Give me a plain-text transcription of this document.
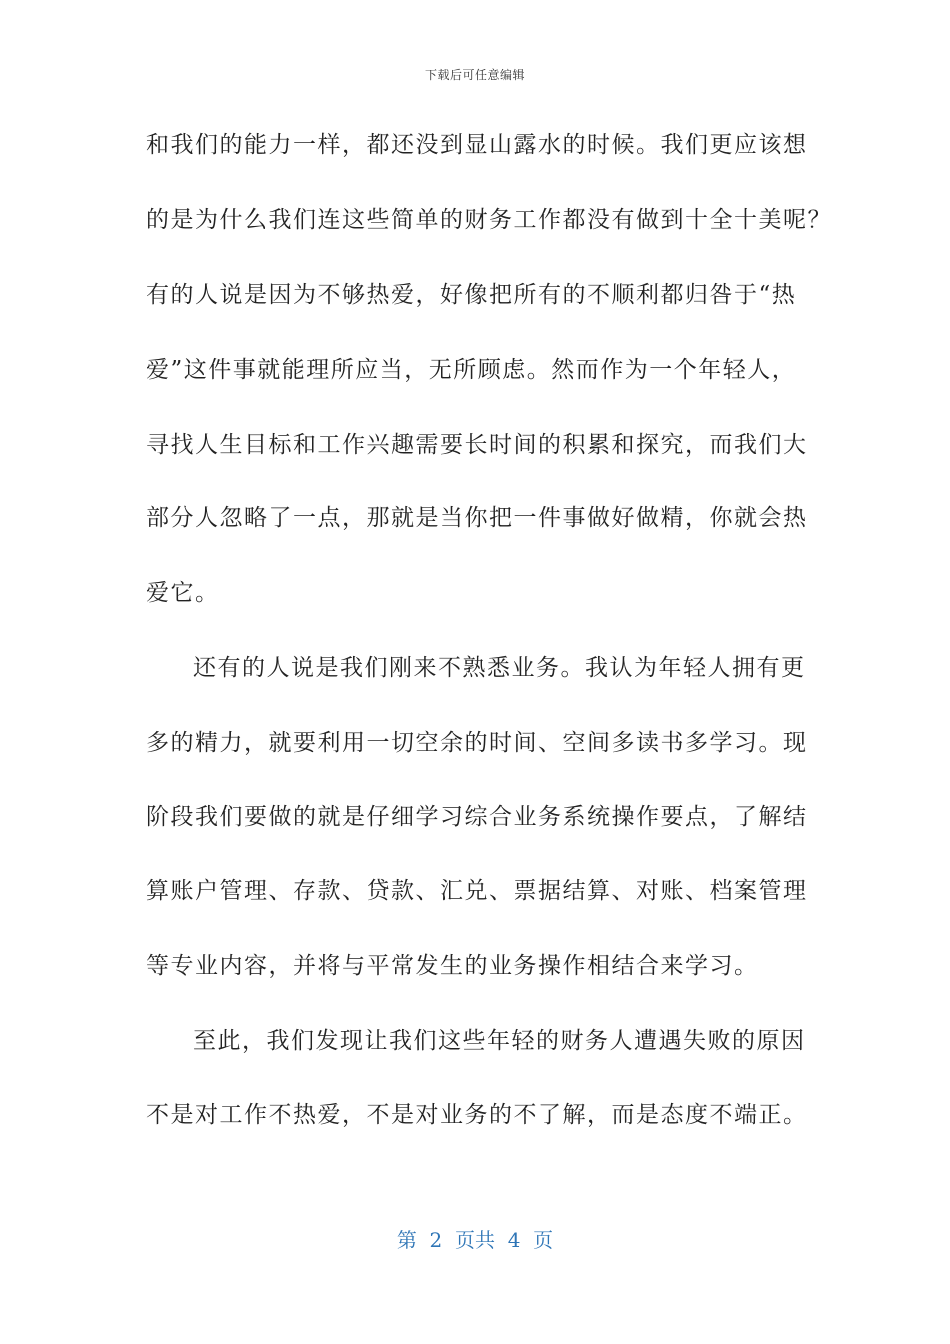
下载后可任意编辑
和我们的能力一样，都还没到显山露水的时候。我们更应该想
的是为什么我们连这些简单的财务工作都没有做到十全十美呢？
有的人说是因为不够热爱，好像把所有的不顺利都归咎于“热
爱”这件事就能理所应当，无所顾虑。然而作为一个年轻人，
寻找人生目标和工作兴趣需要长时间的积累和探究，而我们大
部分人忽略了一点，那就是当你把一件事做好做精，你就会热
爱它。
还有的人说是我们刚来不熟悉业务。我认为年轻人拥有更
多的精力，就要利用一切空余的时间、空间多读书多学习。现
阶段我们要做的就是仔细学习综合业务系统操作要点，了解结
算账户管理、存款、贷款、汇兑、票据结算、对账、档案管理
等专业内容，并将与平常发生的业务操作相结合来学习。
至此，我们发现让我们这些年轻的财务人遭遇失败的原因
不是对工作不热爱，不是对业务的不了解，而是态度不端正。
第  2  页共  4  页
